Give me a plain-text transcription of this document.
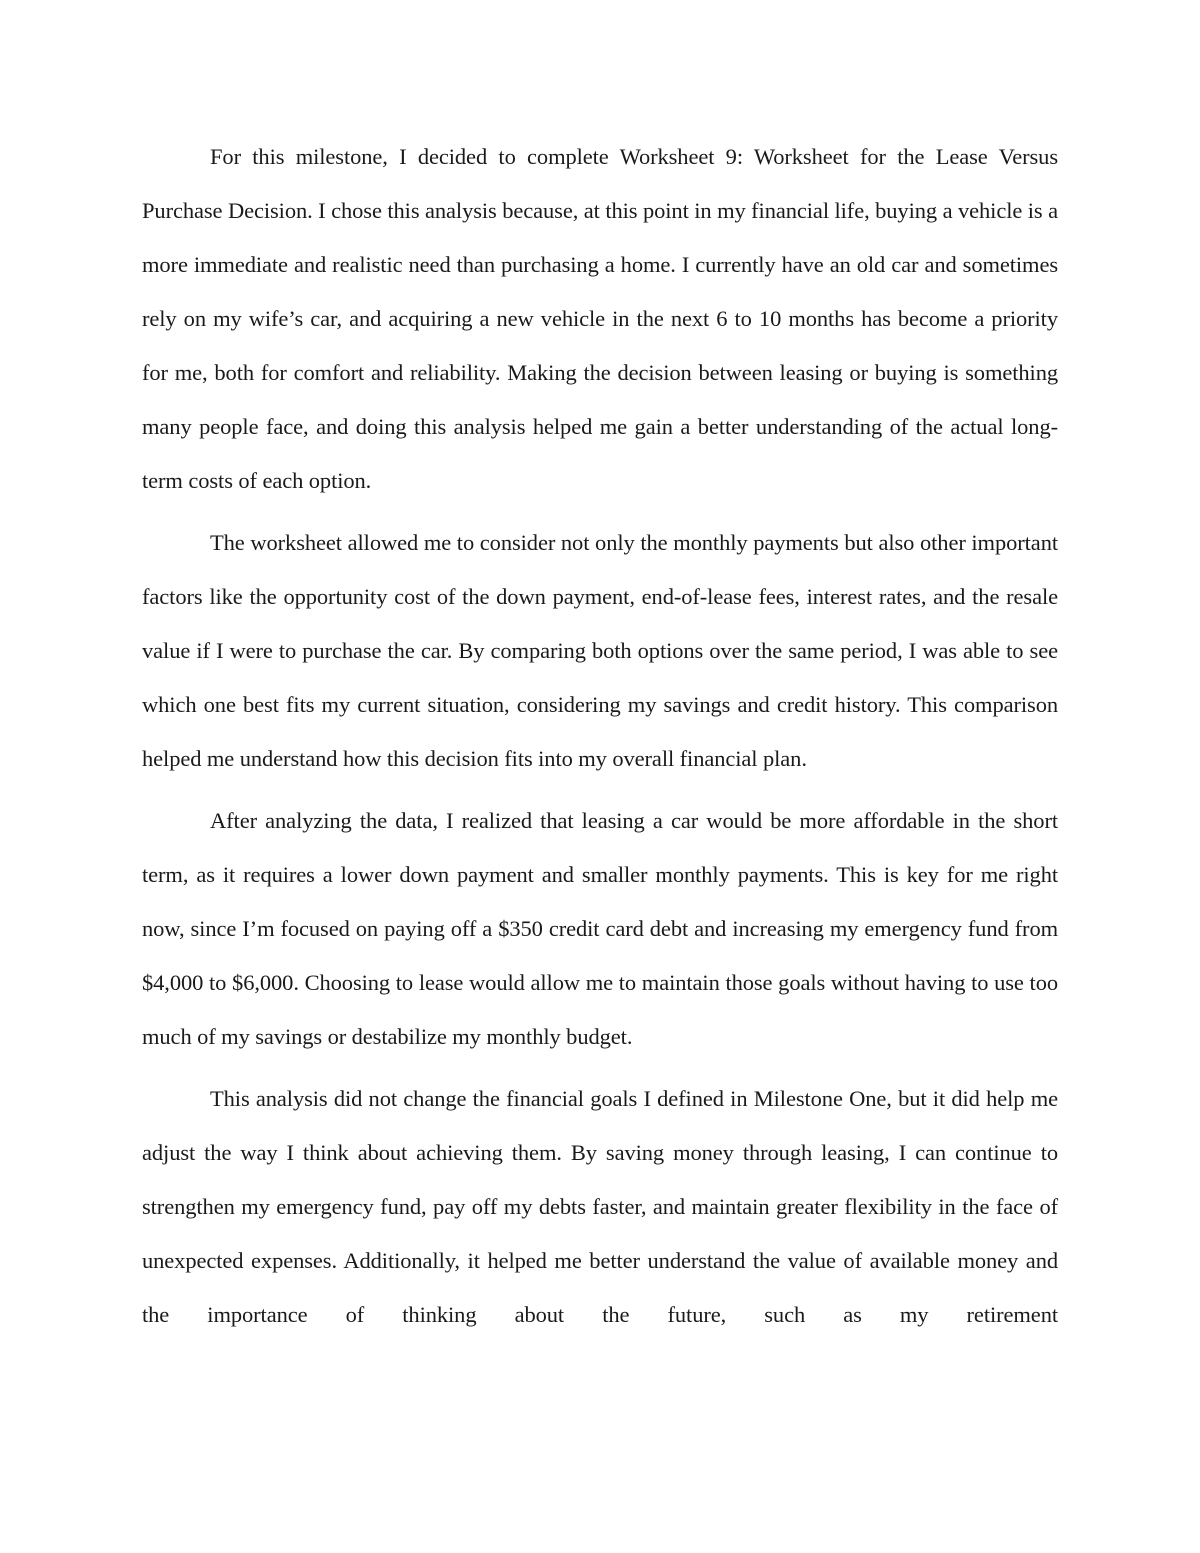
For this milestone, I decided to complete Worksheet 9: Worksheet for the Lease Versus Purchase Decision. I chose this analysis because, at this point in my financial life, buying a vehicle is a more immediate and realistic need than purchasing a home. I currently have an old car and sometimes rely on my wife’s car, and acquiring a new vehicle in the next 6 to 10 months has become a priority for me, both for comfort and reliability. Making the decision between leasing or buying is something many people face, and doing this analysis helped me gain a better understanding of the actual long-term costs of each option.

The worksheet allowed me to consider not only the monthly payments but also other important factors like the opportunity cost of the down payment, end-of-lease fees, interest rates, and the resale value if I were to purchase the car. By comparing both options over the same period, I was able to see which one best fits my current situation, considering my savings and credit history. This comparison helped me understand how this decision fits into my overall financial plan.

After analyzing the data, I realized that leasing a car would be more affordable in the short term, as it requires a lower down payment and smaller monthly payments. This is key for me right now, since I’m focused on paying off a $350 credit card debt and increasing my emergency fund from $4,000 to $6,000. Choosing to lease would allow me to maintain those goals without having to use too much of my savings or destabilize my monthly budget.

This analysis did not change the financial goals I defined in Milestone One, but it did help me adjust the way I think about achieving them. By saving money through leasing, I can continue to strengthen my emergency fund, pay off my debts faster, and maintain greater flexibility in the face of unexpected expenses. Additionally, it helped me better understand the value of available money and the importance of thinking about the future, such as my retirement
